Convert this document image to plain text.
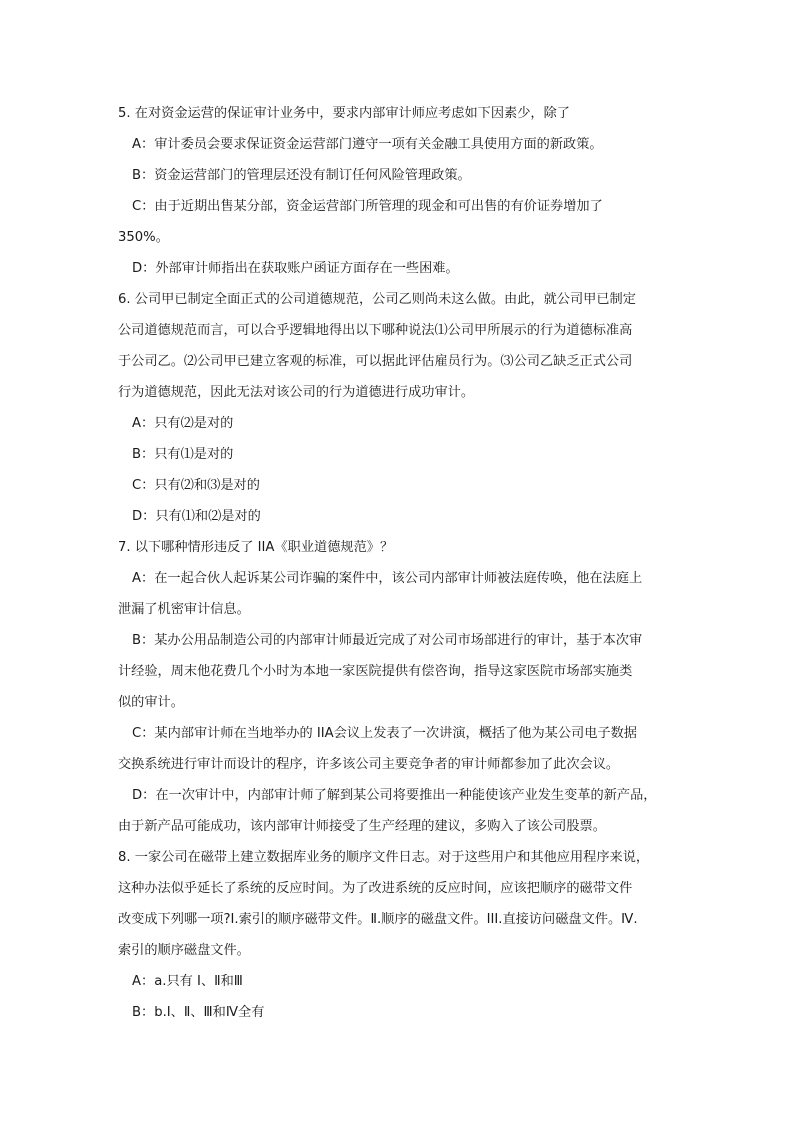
5. 在对资金运营的保证审计业务中，要求内部审计师应考虑如下因素少，除了
A：审计委员会要求保证资金运营部门遵守一项有关金融工具使用方面的新政策。
B：资金运营部门的管理层还没有制订任何风险管理政策。
C：由于近期出售某分部，资金运营部门所管理的现金和可出售的有价证券增加了
350%。
D：外部审计师指出在获取账户函证方面存在一些困难。
6. 公司甲已制定全面正式的公司道德规范，公司乙则尚未这么做。由此，就公司甲已制定
公司道德规范而言，可以合乎逻辑地得出以下哪种说法⑴公司甲所展示的行为道德标准高
于公司乙。⑵公司甲已建立客观的标准，可以据此评估雇员行为。⑶公司乙缺乏正式公司
行为道德规范，因此无法对该公司的行为道德进行成功审计。
A：只有⑵是对的
B：只有⑴是对的
C：只有⑵和⑶是对的
D：只有⑴和⑵是对的
7. 以下哪种情形违反了 IIA《职业道德规范》？
A：在一起合伙人起诉某公司诈骗的案件中，该公司内部审计师被法庭传唤，他在法庭上
泄漏了机密审计信息。
B：某办公用品制造公司的内部审计师最近完成了对公司市场部进行的审计，基于本次审
计经验，周末他花费几个小时为本地一家医院提供有偿咨询，指导这家医院市场部实施类
似的审计。
C：某内部审计师在当地举办的 IIA会议上发表了一次讲演，概括了他为某公司电子数据
交换系统进行审计而设计的程序，许多该公司主要竞争者的审计师都参加了此次会议。
D：在一次审计中，内部审计师了解到某公司将要推出一种能使该产业发生变革的新产品，
由于新产品可能成功，该内部审计师接受了生产经理的建议，多购入了该公司股票。
8. 一家公司在磁带上建立数据库业务的顺序文件日志。对于这些用户和其他应用程序来说，
这种办法似乎延长了系统的反应时间。为了改进系统的反应时间，应该把顺序的磁带文件
改变成下列哪一项?I.索引的顺序磁带文件。Ⅱ.顺序的磁盘文件。III.直接访问磁盘文件。Ⅳ.
索引的顺序磁盘文件。
A：a.只有 I、Ⅱ和Ⅲ
B：b.I、Ⅱ、Ⅲ和Ⅳ全有
